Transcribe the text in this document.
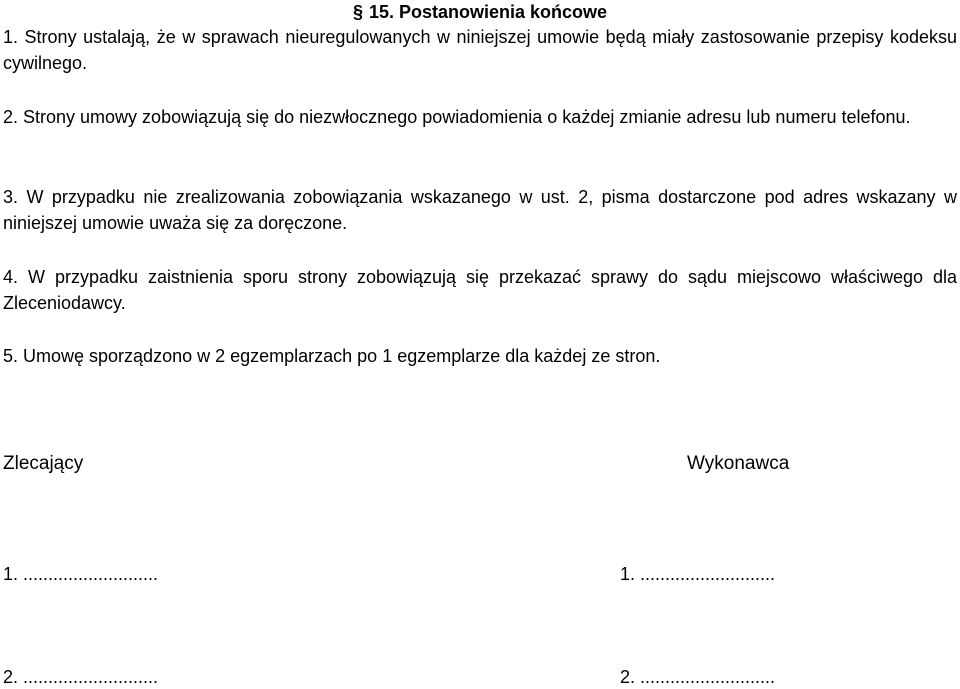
§ 15. Postanowienia końcowe
1. Strony ustalają, że w sprawach nieuregulowanych w niniejszej umowie będą miały zastosowanie przepisy kodeksu cywilnego.
2. Strony umowy zobowiązują się do niezwłocznego powiadomienia o każdej zmianie adresu lub numeru telefonu.
3. W przypadku nie zrealizowania zobowiązania wskazanego w ust. 2, pisma dostarczone pod adres wskazany w niniejszej umowie uważa się za doręczone.
4. W przypadku zaistnienia sporu strony zobowiązują się przekazać sprawy do sądu miejscowo właściwego dla Zleceniodawcy.
5. Umowę sporządzono w 2 egzemplarzach po 1 egzemplarze dla każdej ze stron.
Zlecający	Wykonawca
1. ...........................	1. ...........................
2. ...........................	2. ...........................
